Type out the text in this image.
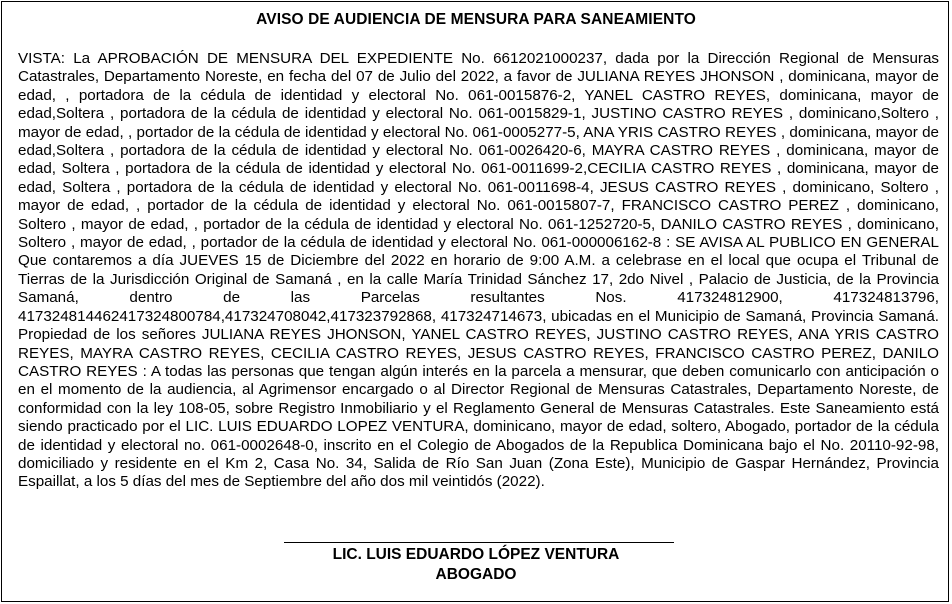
AVISO DE AUDIENCIA DE MENSURA PARA SANEAMIENTO

VISTA: La APROBACIÓN DE MENSURA DEL EXPEDIENTE No. 6612021000237, dada por la Dirección Regional de Mensuras Catastrales, Departamento Noreste, en fecha del 07 de Julio del 2022, a favor de JULIANA REYES JHONSON , dominicana, mayor de edad, , portadora de la cédula de identidad y electoral No. 061-0015876-2, YANEL CASTRO REYES, dominicana, mayor de edad,Soltera , portadora de la cédula de identidad y electoral No. 061-0015829-1, JUSTINO CASTRO REYES , dominicano,Soltero , mayor de edad, , portador de la cédula de identidad y electoral No. 061-0005277-5, ANA YRIS CASTRO REYES , dominicana, mayor de edad,Soltera , portadora de la cédula de identidad y electoral No. 061-0026420-6, MAYRA CASTRO REYES , dominicana, mayor de edad, Soltera , portadora de la cédula de identidad y electoral No. 061-0011699-2,CECILIA CASTRO REYES , dominicana, mayor de edad, Soltera , portadora de la cédula de identidad y electoral No. 061-0011698-4, JESUS CASTRO REYES , dominicano, Soltero , mayor de edad, , portador de la cédula de identidad y electoral No. 061-0015807-7, FRANCISCO CASTRO PEREZ , dominicano, Soltero , mayor de edad, , portador de la cédula de identidad y electoral No. 061-1252720-5, DANILO CASTRO REYES , dominicano, Soltero , mayor de edad, , portador de la cédula de identidad y electoral No. 061-000006162-8 : SE AVISA AL PUBLICO EN GENERAL Que contaremos a día JUEVES 15 de Diciembre del 2022 en horario de 9:00 A.M. a celebrase en el local que ocupa el Tribunal de Tierras de la Jurisdicción Original de Samaná , en la calle María Trinidad Sánchez 17, 2do Nivel , Palacio de Justicia, de la Provincia Samaná, dentro de las Parcelas resultantes Nos. 417324812900, 417324813796, 417324814462417324800784,417324708042,417323792868, 417324714673, ubicadas en el Municipio de Samaná, Provincia Samaná. Propiedad de los señores JULIANA REYES JHONSON, YANEL CASTRO REYES, JUSTINO CASTRO REYES, ANA YRIS CASTRO REYES, MAYRA CASTRO REYES, CECILIA CASTRO REYES, JESUS CASTRO REYES, FRANCISCO CASTRO PEREZ, DANILO CASTRO REYES : A todas las personas que tengan algún interés en la parcela a mensurar, que deben comunicarlo con anticipación o en el momento de la audiencia, al Agrimensor encargado o al Director Regional de Mensuras Catastrales, Departamento Noreste, de conformidad con la ley 108-05, sobre Registro Inmobiliario y el Reglamento General de Mensuras Catastrales. Este Saneamiento está siendo practicado por el LIC. LUIS EDUARDO LOPEZ VENTURA, dominicano, mayor de edad, soltero, Abogado, portador de la cédula de identidad y electoral no. 061-0002648-0, inscrito en el Colegio de Abogados de la Republica Dominicana bajo el No. 20110-92-98, domiciliado y residente en el Km 2, Casa No. 34, Salida de Río San Juan (Zona Este), Municipio de Gaspar Hernández, Provincia Espaillat, a los 5 días del mes de Septiembre del año dos mil veintidós (2022).

LIC. LUIS EDUARDO LÓPEZ VENTURA
ABOGADO
